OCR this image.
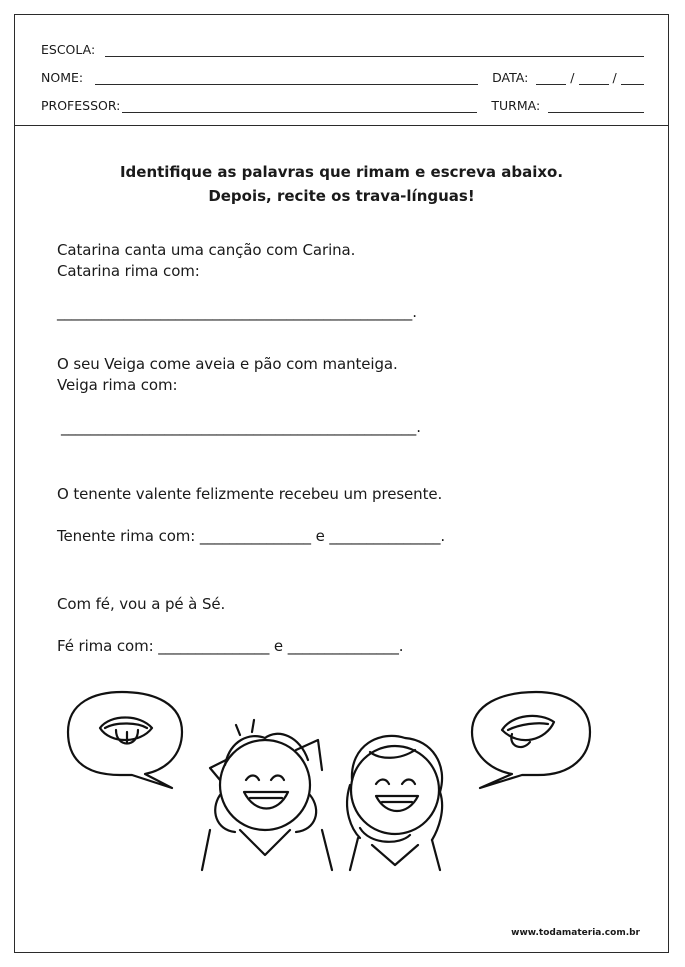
ESCOLA:
NOME:	DATA:	/	/
PROFESSOR:	TURMA:
Identifique as palavras que rimam e escreva abaixo.
Depois, recite os trava-línguas!
Catarina canta uma canção com Carina.
Catarina rima com:
________________________________________________.
O seu Veiga come aveia e pão com manteiga.
Veiga rima com:
________________________________________________.
O tenente valente felizmente recebeu um presente.
Tenente rima com: _______________ e _______________.
Com fé, vou a pé à Sé.
Fé rima com: _______________ e _______________.
www.todamateria.com.br
